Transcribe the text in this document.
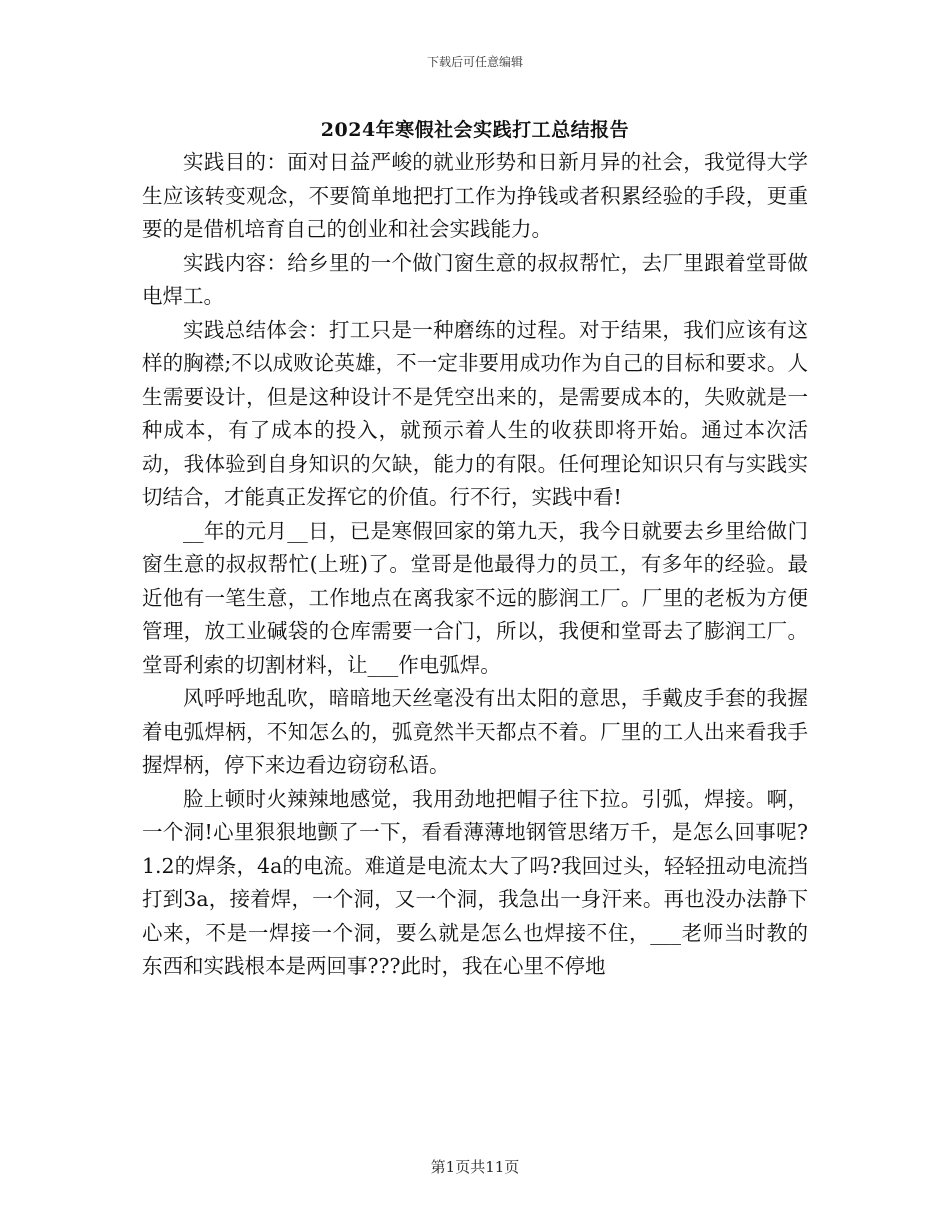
下载后可任意编辑
2024年寒假社会实践打工总结报告

实践目的：面对日益严峻的就业形势和日新月异的社会，我觉得大学生应该转变观念，不要简单地把打工作为挣钱或者积累经验的手段，更重要的是借机培育自己的创业和社会实践能力。

实践内容：给乡里的一个做门窗生意的叔叔帮忙，去厂里跟着堂哥做电焊工。

实践总结体会：打工只是一种磨练的过程。对于结果，我们应该有这样的胸襟;不以成败论英雄，不一定非要用成功作为自己的目标和要求。人生需要设计，但是这种设计不是凭空出来的，是需要成本的，失败就是一种成本，有了成本的投入，就预示着人生的收获即将开始。通过本次活动，我体验到自身知识的欠缺，能力的有限。任何理论知识只有与实践实切结合，才能真正发挥它的价值。行不行，实践中看!

__年的元月__日，已是寒假回家的第九天，我今日就要去乡里给做门窗生意的叔叔帮忙(上班)了。堂哥是他最得力的员工，有多年的经验。最近他有一笔生意，工作地点在离我家不远的膨润工厂。厂里的老板为方便管理，放工业碱袋的仓库需要一合门，所以，我便和堂哥去了膨润工厂。堂哥利索的切割材料，让___作电弧焊。

风呼呼地乱吹，暗暗地天丝毫没有出太阳的意思，手戴皮手套的我握着电弧焊柄，不知怎么的，弧竟然半天都点不着。厂里的工人出来看我手握焊柄，停下来边看边窃窃私语。

脸上顿时火辣辣地感觉，我用劲地把帽子往下拉。引弧，焊接。啊，一个洞!心里狠狠地颤了一下，看看薄薄地钢管思绪万千，是怎么回事呢?1.2的焊条，4a的电流。难道是电流太大了吗?我回过头，轻轻扭动电流挡打到3a，接着焊，一个洞，又一个洞，我急出一身汗来。再也没办法静下心来，不是一焊接一个洞，要么就是怎么也焊接不住，___老师当时教的东西和实践根本是两回事???此时，我在心里不停地

第1页共11页
